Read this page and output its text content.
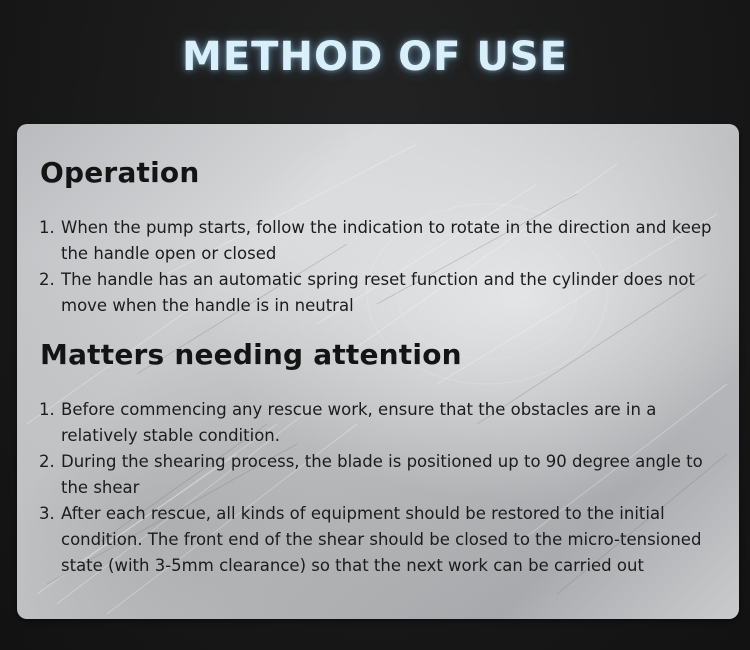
METHOD OF USE
Operation
1. When the pump starts, follow the indication to rotate in the direction and keep the handle open or closed
2. The handle has an automatic spring reset function and the cylinder does not move when the handle is in neutral
Matters needing attention
1. Before commencing any rescue work, ensure that the obstacles are in a relatively stable condition.
2. During the shearing process, the blade is positioned up to 90 degree angle to the shear
3. After each rescue, all kinds of equipment should be restored to the initial condition. The front end of the shear should be closed to the micro-tensioned state (with 3-5mm clearance) so that the next work can be carried out
